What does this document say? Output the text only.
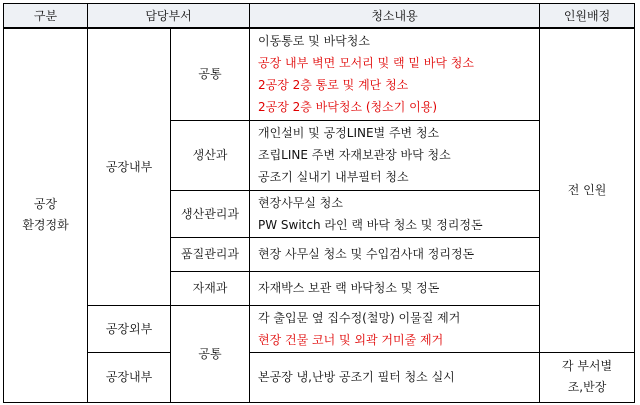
구분	담당부서		청소내용	인원배정

공장
환경정화	공장내부	공통	이동통로 및 바닥청소
공장 내부 벽면 모서리 및 랙 밑 바닥 청소
2공장 2층 통로 및 계단 청소
2공장 2층 바닥청소 (청소기 이용)	전 인원
		생산과	개인설비 및 공정LINE별 주변 청소
조립LINE 주변 자재보관장 바닥 청소
공조기 실내기 내부필터 청소	

		생산관리과	현장사무실 청소
PW Switch 라인 랙 바닥 청소 및 정리정돈	

		품질관리과	현장 사무실 청소 및 수입검사대 정리정돈	

		자재과	자재박스 보관 랙 바닥청소 및 정돈	

	공장외부	공통	각 출입문 옆 집수정(철망) 이물질 제거
현장 건물 코너 및 외곽 거미줄 제거	

	공장내부		본공장 냉,난방 공조기 필터 청소 실시	각 부서별
조,반장
